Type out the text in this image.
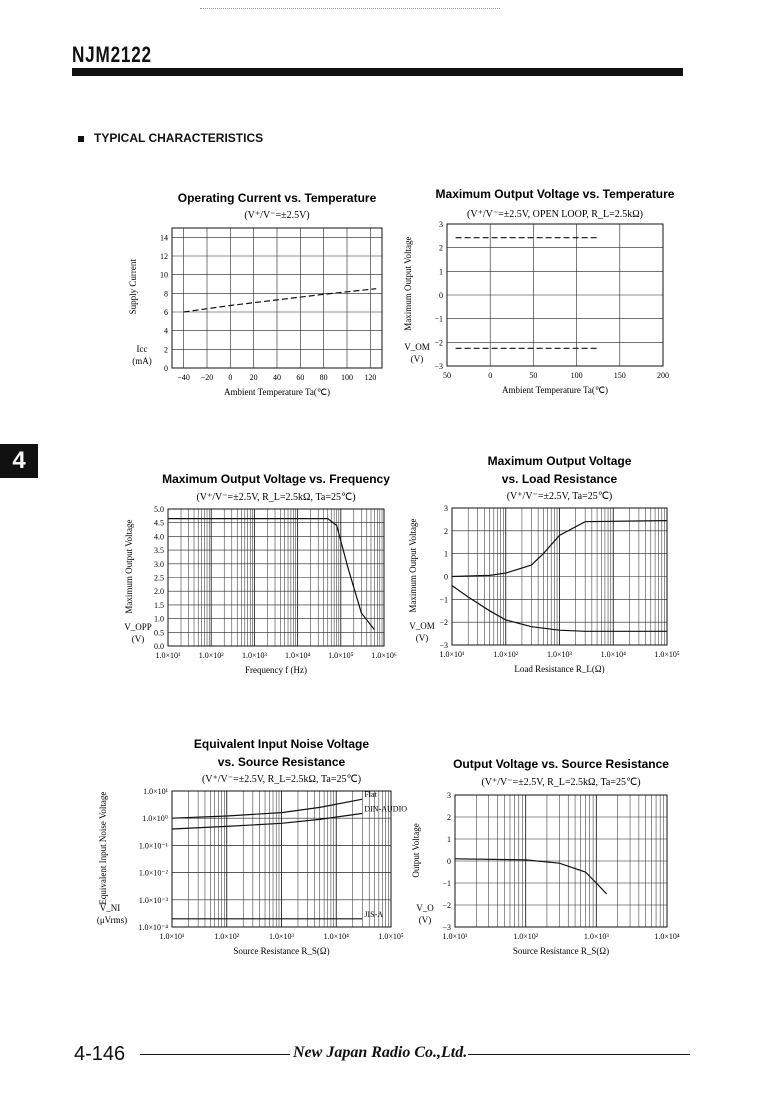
NJM2122
TYPICAL CHARACTERISTICS
4
Operating Current vs. Temperature
(V⁺/V⁻=±2.5V)
−40 −20 0 20 40 60 80 100 120
0
2
4
6
8
10
12
14
Ambient Temperature Ta(℃)
Supply Current
Icc
(mA)
Maximum Output Voltage vs. Temperature
(V⁺/V⁻=±2.5V, OPEN LOOP, R_L=2.5kΩ)
50	0	50	100	150	200
−3
−2
−1
0
1
2
3
Ambient Temperature Ta(℃)
Maximum Output Voltage
V_OM
(V)
Maximum Output Voltage vs. Frequency
(V⁺/V⁻=±2.5V, R_L=2.5kΩ, Ta=25℃)
1.0×10¹ 1.0×10² 1.0×10³ 1.0×10⁴ 1.0×10⁵ 1.0×10⁶
0.0
0.5
1.0
1.5
2.0
2.5
3.0
3.5
4.0
4.5
5.0
Frequency f (Hz)
Maximum Output Voltage
V_OPP
(V)
Maximum Output Voltage
vs. Load Resistance
(V⁺/V⁻=±2.5V, Ta=25℃)
1.0×10¹	1.0×10²	1.0×10³	1.0×10⁴	1.0×10⁵
−3
−2
−1
0
1
2
3
Load Resistance R_L(Ω)
Maximum Output Voltage
V_OM
(V)
Equivalent Input Noise Voltage
vs. Source Resistance
(V⁺/V⁻=±2.5V, R_L=2.5kΩ, Ta=25℃)
1.0×10¹	1.0×10²	1.0×10³	1.0×10⁴	1.0×10⁵
1.0×10⁻⁴
1.0×10⁻³
1.0×10⁻²
1.0×10⁻¹
1.0×10⁰
1.0×10¹
Source Resistance R_S(Ω)
Equivalent Input Noise Voltage
V_NI
(μVrms)
Flat
DIN-AUDIO
JIS-A
Output Voltage vs. Source Resistance
(V⁺/V⁻=±2.5V, R_L=2.5kΩ, Ta=25℃)
1.0×10¹	1.0×10²	1.0×10³	1.0×10⁴
−3
−2
−1
0
1
2
3
Source Resistance R_S(Ω)
Output Voltage
V_O
(V)
4-146	New Japan Radio Co.,Ltd.
